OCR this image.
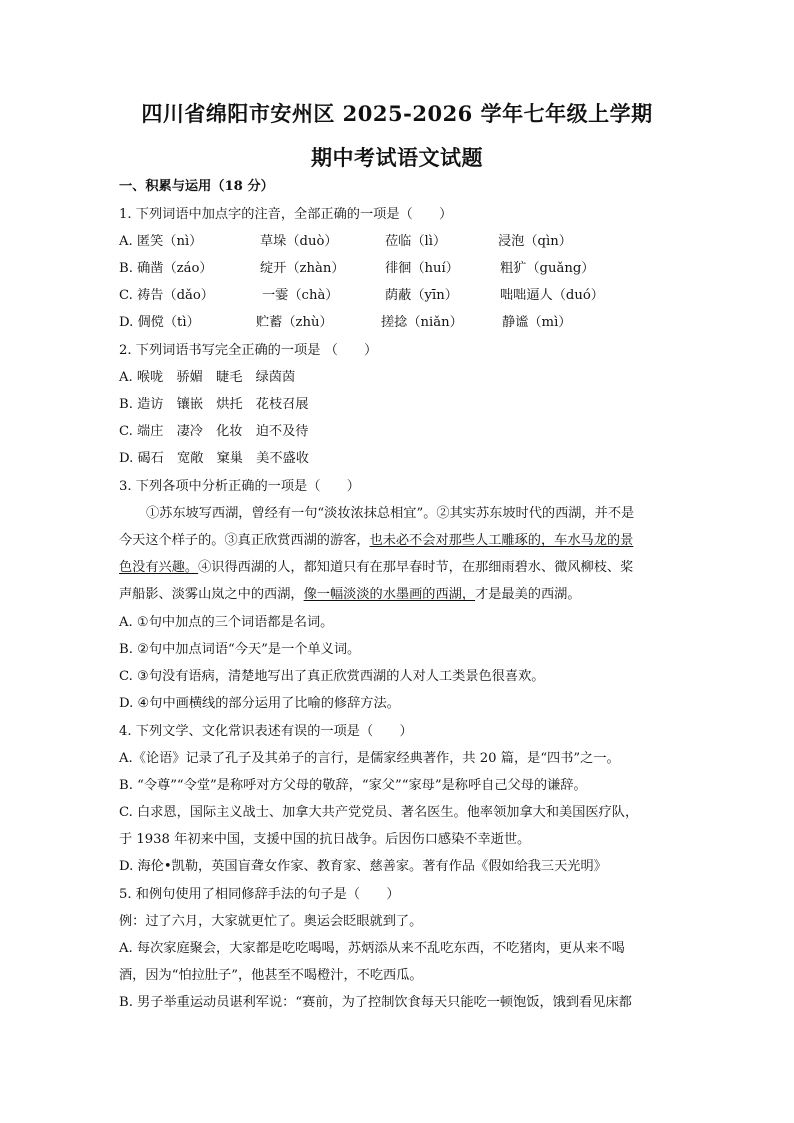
四川省绵阳市安州区 2025-2026 学年七年级上学期
期中考试语文试题
一、积累与运用（18 分）
1. 下列词语中加点字的注音，全部正确的一项是（　　）
A. 匿笑（nì）	草垛（duò）	莅临（lì）	浸泡（qìn）
B. 确凿（záo）	绽开（zhàn）	徘徊（huí）	粗犷（guǎng）
C. 祷告（dǎo）	一霎（chà）	荫蔽（yīn）	咄咄逼人（duó）
D. 倜傥（tì）	贮蓄（zhù）	搓捻（niǎn）	静谧（mì）
2. 下列词语书写完全正确的一项是 （　　）
A. 喉咙　骄媚　睫毛　绿茵茵
B. 造访　镶嵌　烘托　花枝召展
C. 端庄　凄冷　化妆　迫不及待
D. 碣石　宽敞　窠巢　美不盛收
3. 下列各项中分析正确的一项是（　　）
①苏东坡写西湖，曾经有一句“淡妆浓抹总相宜”。②其实苏东坡时代的西湖，并不是
今天这个样子的。③真正欣赏西湖的游客，也未必不会对那些人工雕琢的，车水马龙的景
色没有兴趣。④识得西湖的人，都知道只有在那早春时节，在那细雨碧水、微风柳枝、桨
声船影、淡雾山岚之中的西湖，像一幅淡淡的水墨画的西湖，才是最美的西湖。
A. ①句中加点的三个词语都是名词。
B. ②句中加点词语“今天”是一个单义词。
C. ③句没有语病，清楚地写出了真正欣赏西湖的人对人工类景色很喜欢。
D. ④句中画横线的部分运用了比喻的修辞方法。
4. 下列文学、文化常识表述有误的一项是（　　）
A.《论语》记录了孔子及其弟子的言行，是儒家经典著作，共 20 篇，是“四书”之一。
B. “令尊”“令堂”是称呼对方父母的敬辞，“家父”“家母”是称呼自己父母的谦辞。
C. 白求恩，国际主义战士、加拿大共产党党员、著名医生。他率领加拿大和美国医疗队，
于 1938 年初来中国，支援中国的抗日战争。后因伤口感染不幸逝世。
D. 海伦•凯勒，英国盲聋女作家、教育家、慈善家。著有作品《假如给我三天光明》
5. 和例句使用了相同修辞手法的句子是（　　）
例：过了六月，大家就更忙了。奥运会眨眼就到了。
A. 每次家庭聚会，大家都是吃吃喝喝，苏炳添从来不乱吃东西，不吃猪肉，更从来不喝
酒，因为“怕拉肚子”，他甚至不喝橙汁，不吃西瓜。
B. 男子举重运动员谌利军说：“赛前，为了控制饮食每天只能吃一顿饱饭，饿到看见床都
